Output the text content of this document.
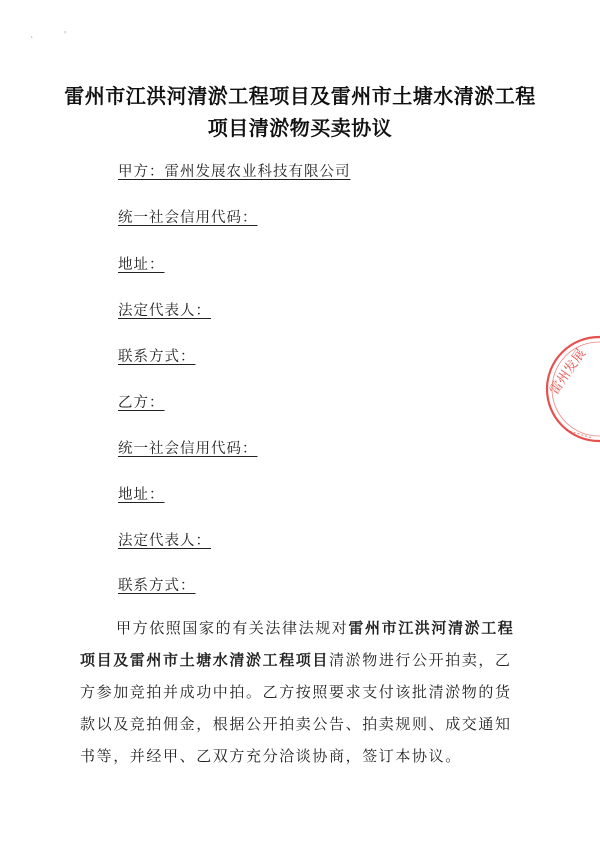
`
'
雷州市江洪河清淤工程项目及雷州市土塘水清淤工程
项目清淤物买卖协议
甲方：雷州发展农业科技有限公司
统一社会信用代码：
地址：
法定代表人：
联系方式：
乙方：
统一社会信用代码：
地址：
法定代表人：
联系方式：
甲方依照国家的有关法律法规对雷州市江洪河清淤工程项目及雷州市土塘水清淤工程项目清淤物进行公开拍卖，乙方参加竞拍并成功中拍。乙方按照要求支付该批清淤物的货款以及竞拍佣金，根据公开拍卖公告、拍卖规则、成交通知书等，并经甲、乙双方充分洽谈协商，签订本协议。
雷州发展
